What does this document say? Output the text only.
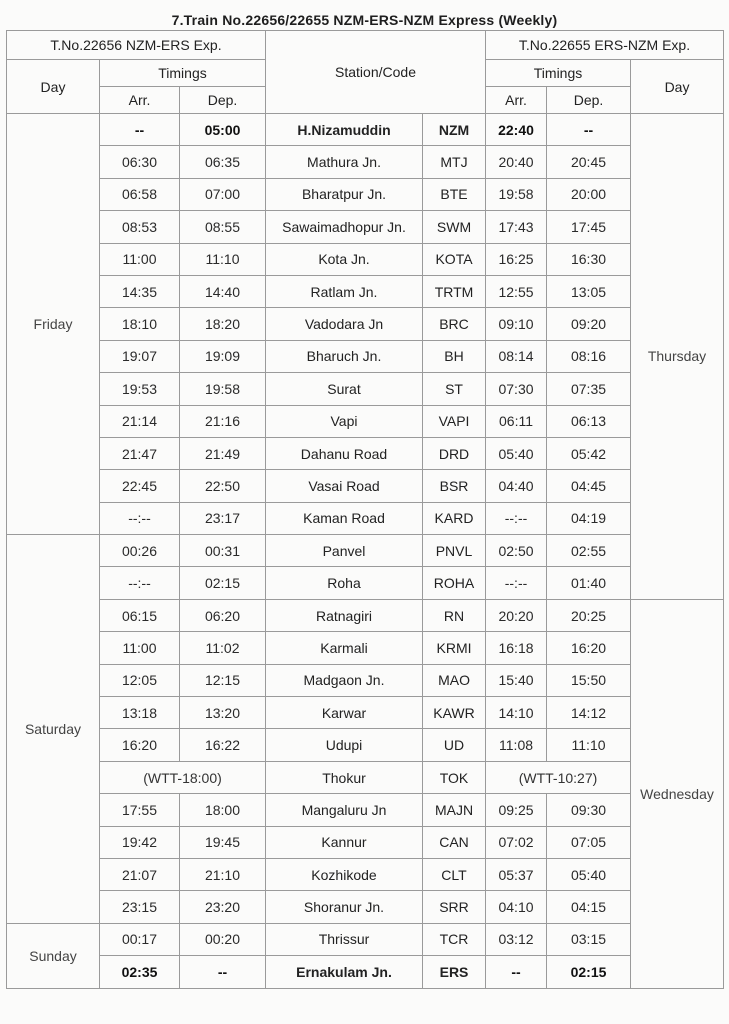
7.Train No.22656/22655 NZM-ERS-NZM Express (Weekly)
T.No.22656 NZM-ERS Exp.			Station/Code		T.No.22655 ERS-NZM Exp.		
Day	Timings				Timings		Day
	Arr.	Dep.			Arr.	Dep.	
Friday	--	05:00	H.Nizamuddin	NZM	22:40	--	Thursday
	06:30	06:35	Mathura Jn.	MTJ	20:40	20:45	
	06:58	07:00	Bharatpur Jn.	BTE	19:58	20:00	
	08:53	08:55	Sawaimadhopur Jn.	SWM	17:43	17:45	
	11:00	11:10	Kota Jn.	KOTA	16:25	16:30	
	14:35	14:40	Ratlam Jn.	TRTM	12:55	13:05	
	18:10	18:20	Vadodara Jn	BRC	09:10	09:20	
	19:07	19:09	Bharuch Jn.	BH	08:14	08:16	
	19:53	19:58	Surat	ST	07:30	07:35	
	21:14	21:16	Vapi	VAPI	06:11	06:13	
	21:47	21:49	Dahanu Road	DRD	05:40	05:42	
	22:45	22:50	Vasai Road	BSR	04:40	04:45	
	--:--	23:17	Kaman Road	KARD	--:--	04:19	
Saturday	00:26	00:31	Panvel	PNVL	02:50	02:55	
	--:--	02:15	Roha	ROHA	--:--	01:40	
	06:15	06:20	Ratnagiri	RN	20:20	20:25	Wednesday
	11:00	11:02	Karmali	KRMI	16:18	16:20	
	12:05	12:15	Madgaon Jn.	MAO	15:40	15:50	
	13:18	13:20	Karwar	KAWR	14:10	14:12	
	16:20	16:22	Udupi	UD	11:08	11:10	
	(WTT-18:00)		Thokur	TOK	(WTT-10:27)		
	17:55	18:00	Mangaluru Jn	MAJN	09:25	09:30	
	19:42	19:45	Kannur	CAN	07:02	07:05	
	21:07	21:10	Kozhikode	CLT	05:37	05:40	
	23:15	23:20	Shoranur Jn.	SRR	04:10	04:15	
Sunday	00:17	00:20	Thrissur	TCR	03:12	03:15	
	02:35	--	Ernakulam Jn.	ERS	--	02:15	
